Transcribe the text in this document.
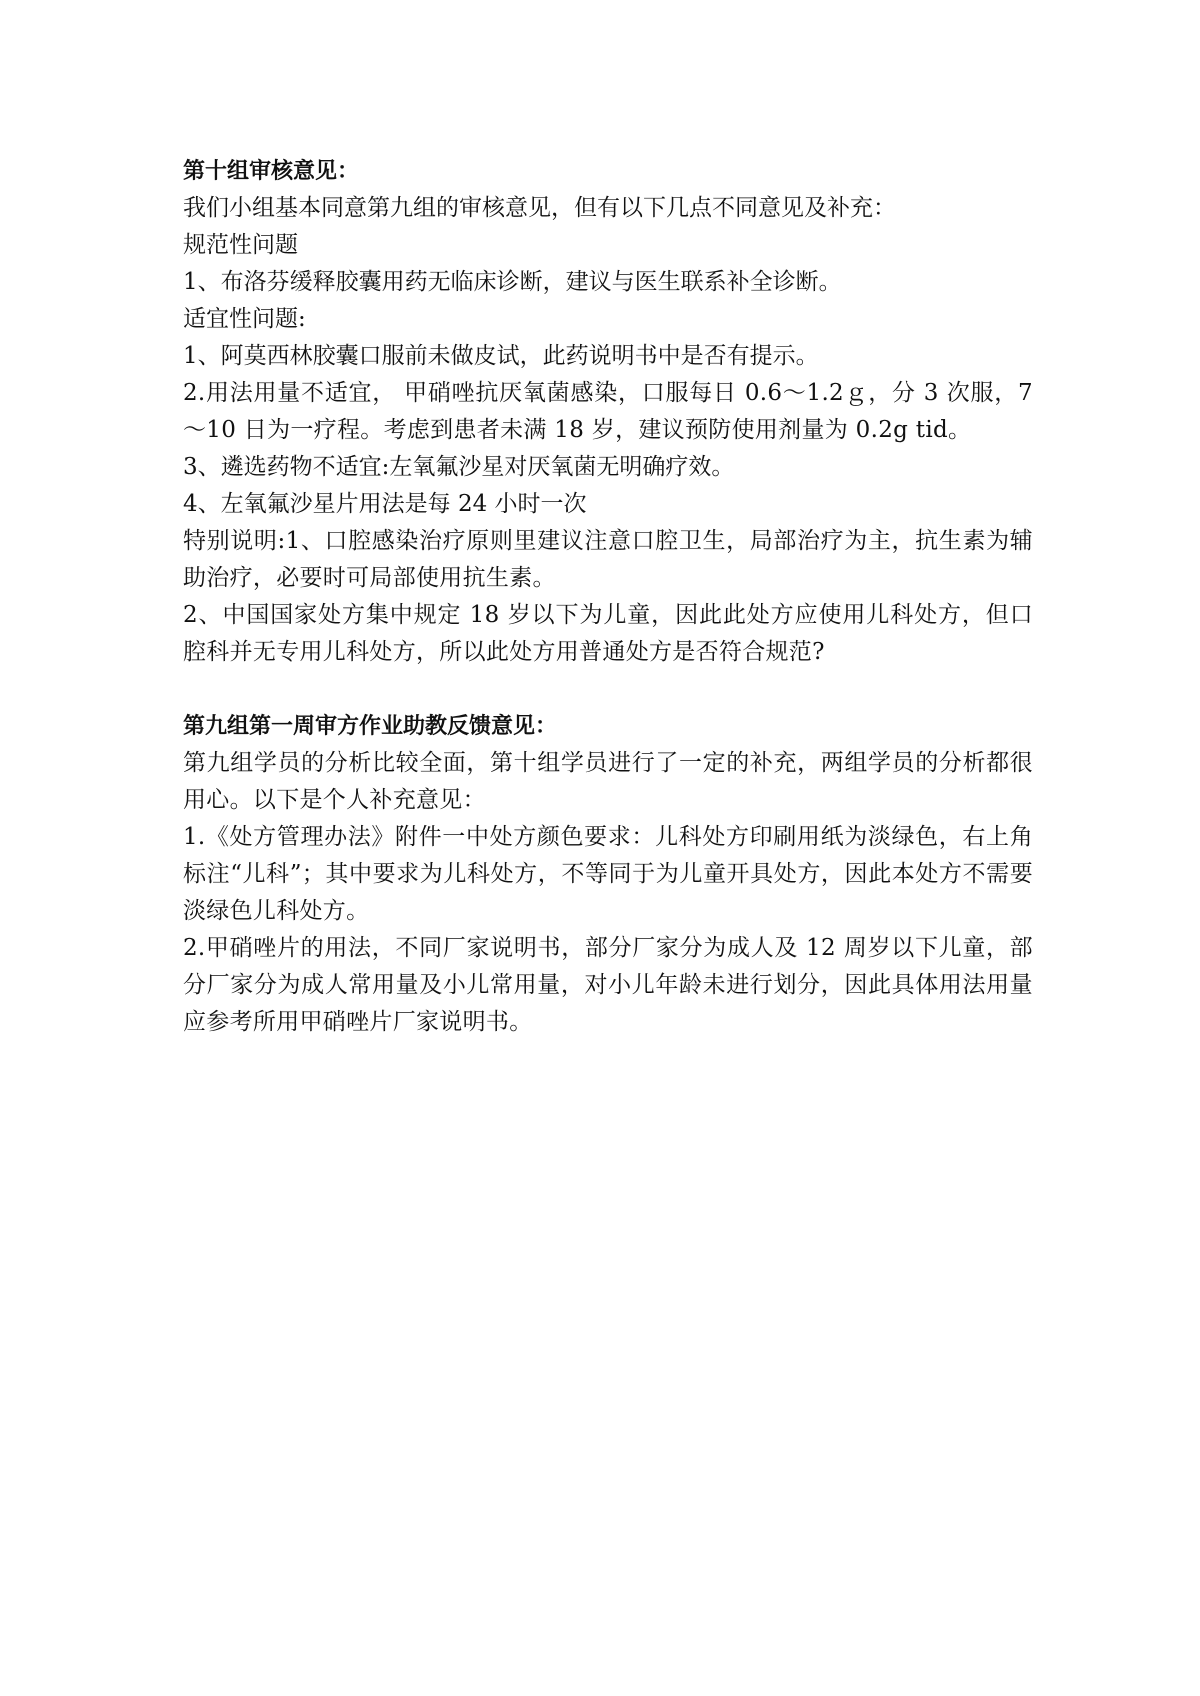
第十组审核意见：

我们小组基本同意第九组的审核意见，但有以下几点不同意见及补充：

规范性问题

1、布洛芬缓释胶囊用药无临床诊断，建议与医生联系补全诊断。

适宜性问题:

1、阿莫西林胶囊口服前未做皮试，此药说明书中是否有提示。

2.用法用量不适宜， 甲硝唑抗厌氧菌感染，口服每日 0.6～1.2ｇ，分 3 次服，7～10 日为一疗程。考虑到患者未满 18 岁，建议预防使用剂量为 0.2g tid。

3、遴选药物不适宜:左氧氟沙星对厌氧菌无明确疗效。

4、左氧氟沙星片用法是每 24 小时一次

特别说明:1、口腔感染治疗原则里建议注意口腔卫生，局部治疗为主，抗生素为辅助治疗，必要时可局部使用抗生素。

2、中国国家处方集中规定 18 岁以下为儿童，因此此处方应使用儿科处方，但口腔科并无专用儿科处方，所以此处方用普通处方是否符合规范?

第九组第一周审方作业助教反馈意见：

第九组学员的分析比较全面，第十组学员进行了一定的补充，两组学员的分析都很用心。以下是个人补充意见：

1.《处方管理办法》附件一中处方颜色要求：儿科处方印刷用纸为淡绿色，右上角标注“儿科”；其中要求为儿科处方，不等同于为儿童开具处方，因此本处方不需要淡绿色儿科处方。

2.甲硝唑片的用法，不同厂家说明书，部分厂家分为成人及 12 周岁以下儿童，部分厂家分为成人常用量及小儿常用量，对小儿年龄未进行划分，因此具体用法用量应参考所用甲硝唑片厂家说明书。
